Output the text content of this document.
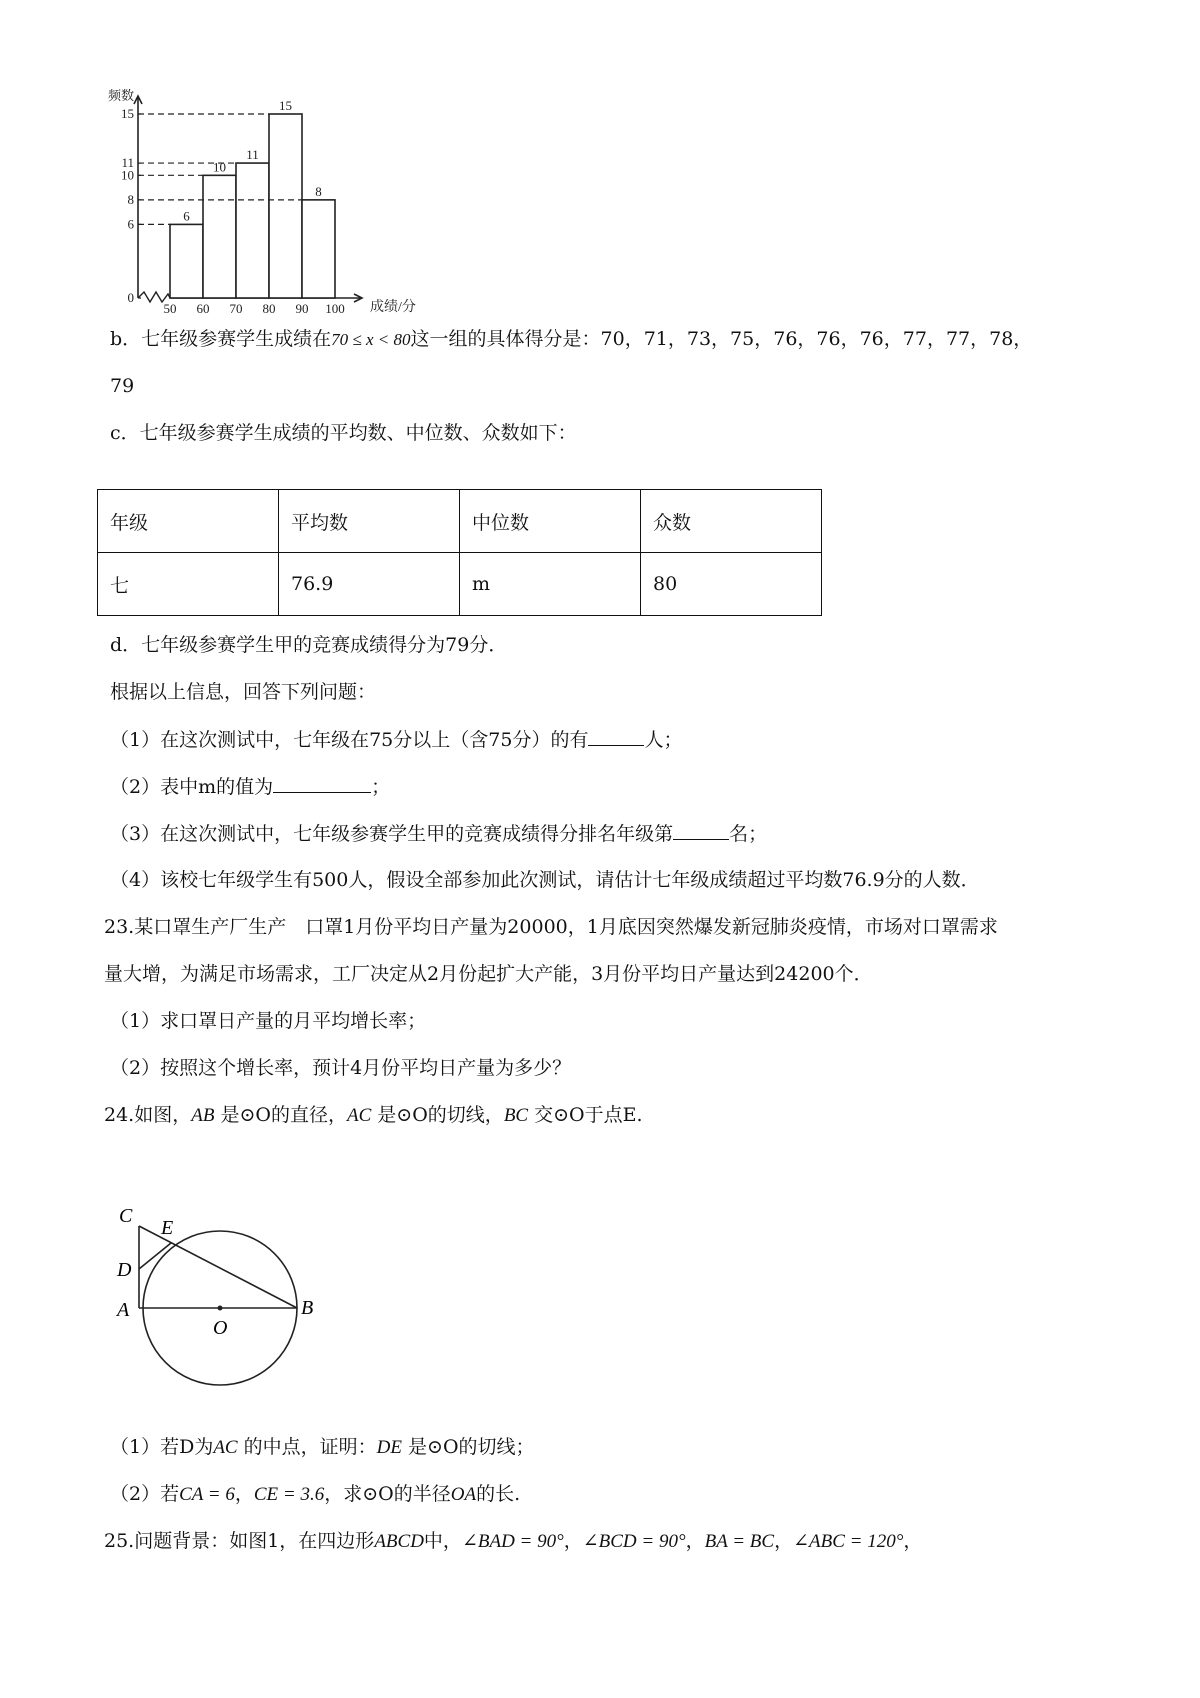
频数
成绩/分
6
10
11
15
8
0
6
8
10
11
15
50 60 70 80 90 100
b．七年级参赛学生成绩在70 ≤ x < 80这一组的具体得分是：70，71，73，75，76，76，76，77，77，78，
79
c．七年级参赛学生成绩的平均数、中位数、众数如下：
年级	平均数	中位数	众数
七	76.9	m	80
d．七年级参赛学生甲的竞赛成绩得分为79分．
根据以上信息，回答下列问题：
（1）在这次测试中，七年级在75分以上（含75分）的有	人；
（2）表中m的值为	；
（3）在这次测试中，七年级参赛学生甲的竞赛成绩得分排名年级第	名；
（4）该校七年级学生有500人，假设全部参加此次测试，请估计七年级成绩超过平均数76.9分的人数．
23.某口罩生产厂生产　口罩1月份平均日产量为20000，1月底因突然爆发新冠肺炎疫情，市场对口罩需求
量大增，为满足市场需求，工厂决定从2月份起扩大产能，3月份平均日产量达到24200个．
（1）求口罩日产量的月平均增长率；
（2）按照这个增长率，预计4月份平均日产量为多少？
24.如图，AB 是⊙O的直径，AC 是⊙O的切线，BC 交⊙O于点E.
C
E
D
A
O
B
（1）若D为AC 的中点，证明：DE 是⊙O的切线；
（2）若CA = 6，CE = 3.6，求⊙O的半径OA的长.
25.问题背景：如图1，在四边形ABCD中，∠BAD = 90°，∠BCD = 90°，BA = BC，∠ABC = 120°，
